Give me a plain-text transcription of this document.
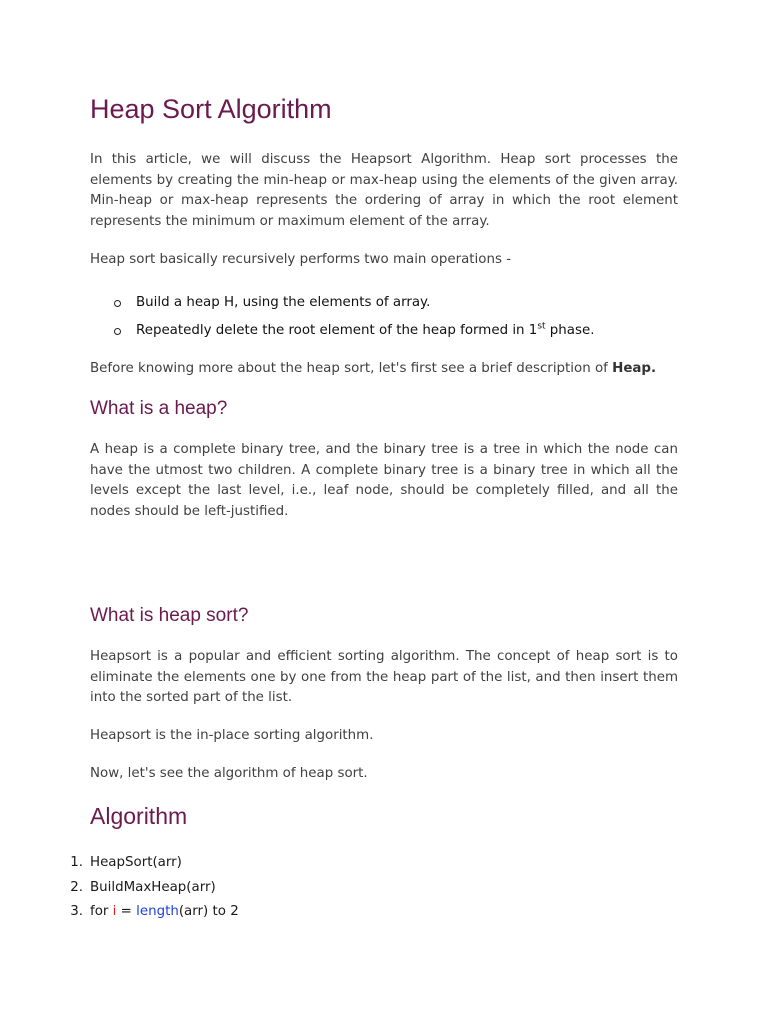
Heap Sort Algorithm

In this article, we will discuss the Heapsort Algorithm. Heap sort processes the elements by creating the min-heap or max-heap using the elements of the given array. Min-heap or max-heap represents the ordering of array in which the root element represents the minimum or maximum element of the array.

Heap sort basically recursively performs two main operations -

Build a heap H, using the elements of array.
Repeatedly delete the root element of the heap formed in 1st phase.

Before knowing more about the heap sort, let's first see a brief description of Heap.

What is a heap?

A heap is a complete binary tree, and the binary tree is a tree in which the node can have the utmost two children. A complete binary tree is a binary tree in which all the levels except the last level, i.e., leaf node, should be completely filled, and all the nodes should be left-justified.

What is heap sort?

Heapsort is a popular and efficient sorting algorithm. The concept of heap sort is to eliminate the elements one by one from the heap part of the list, and then insert them into the sorted part of the list.

Heapsort is the in-place sorting algorithm.

Now, let's see the algorithm of heap sort.

Algorithm
1. HeapSort(arr)
2. BuildMaxHeap(arr)
3. for i = length(arr) to 2
